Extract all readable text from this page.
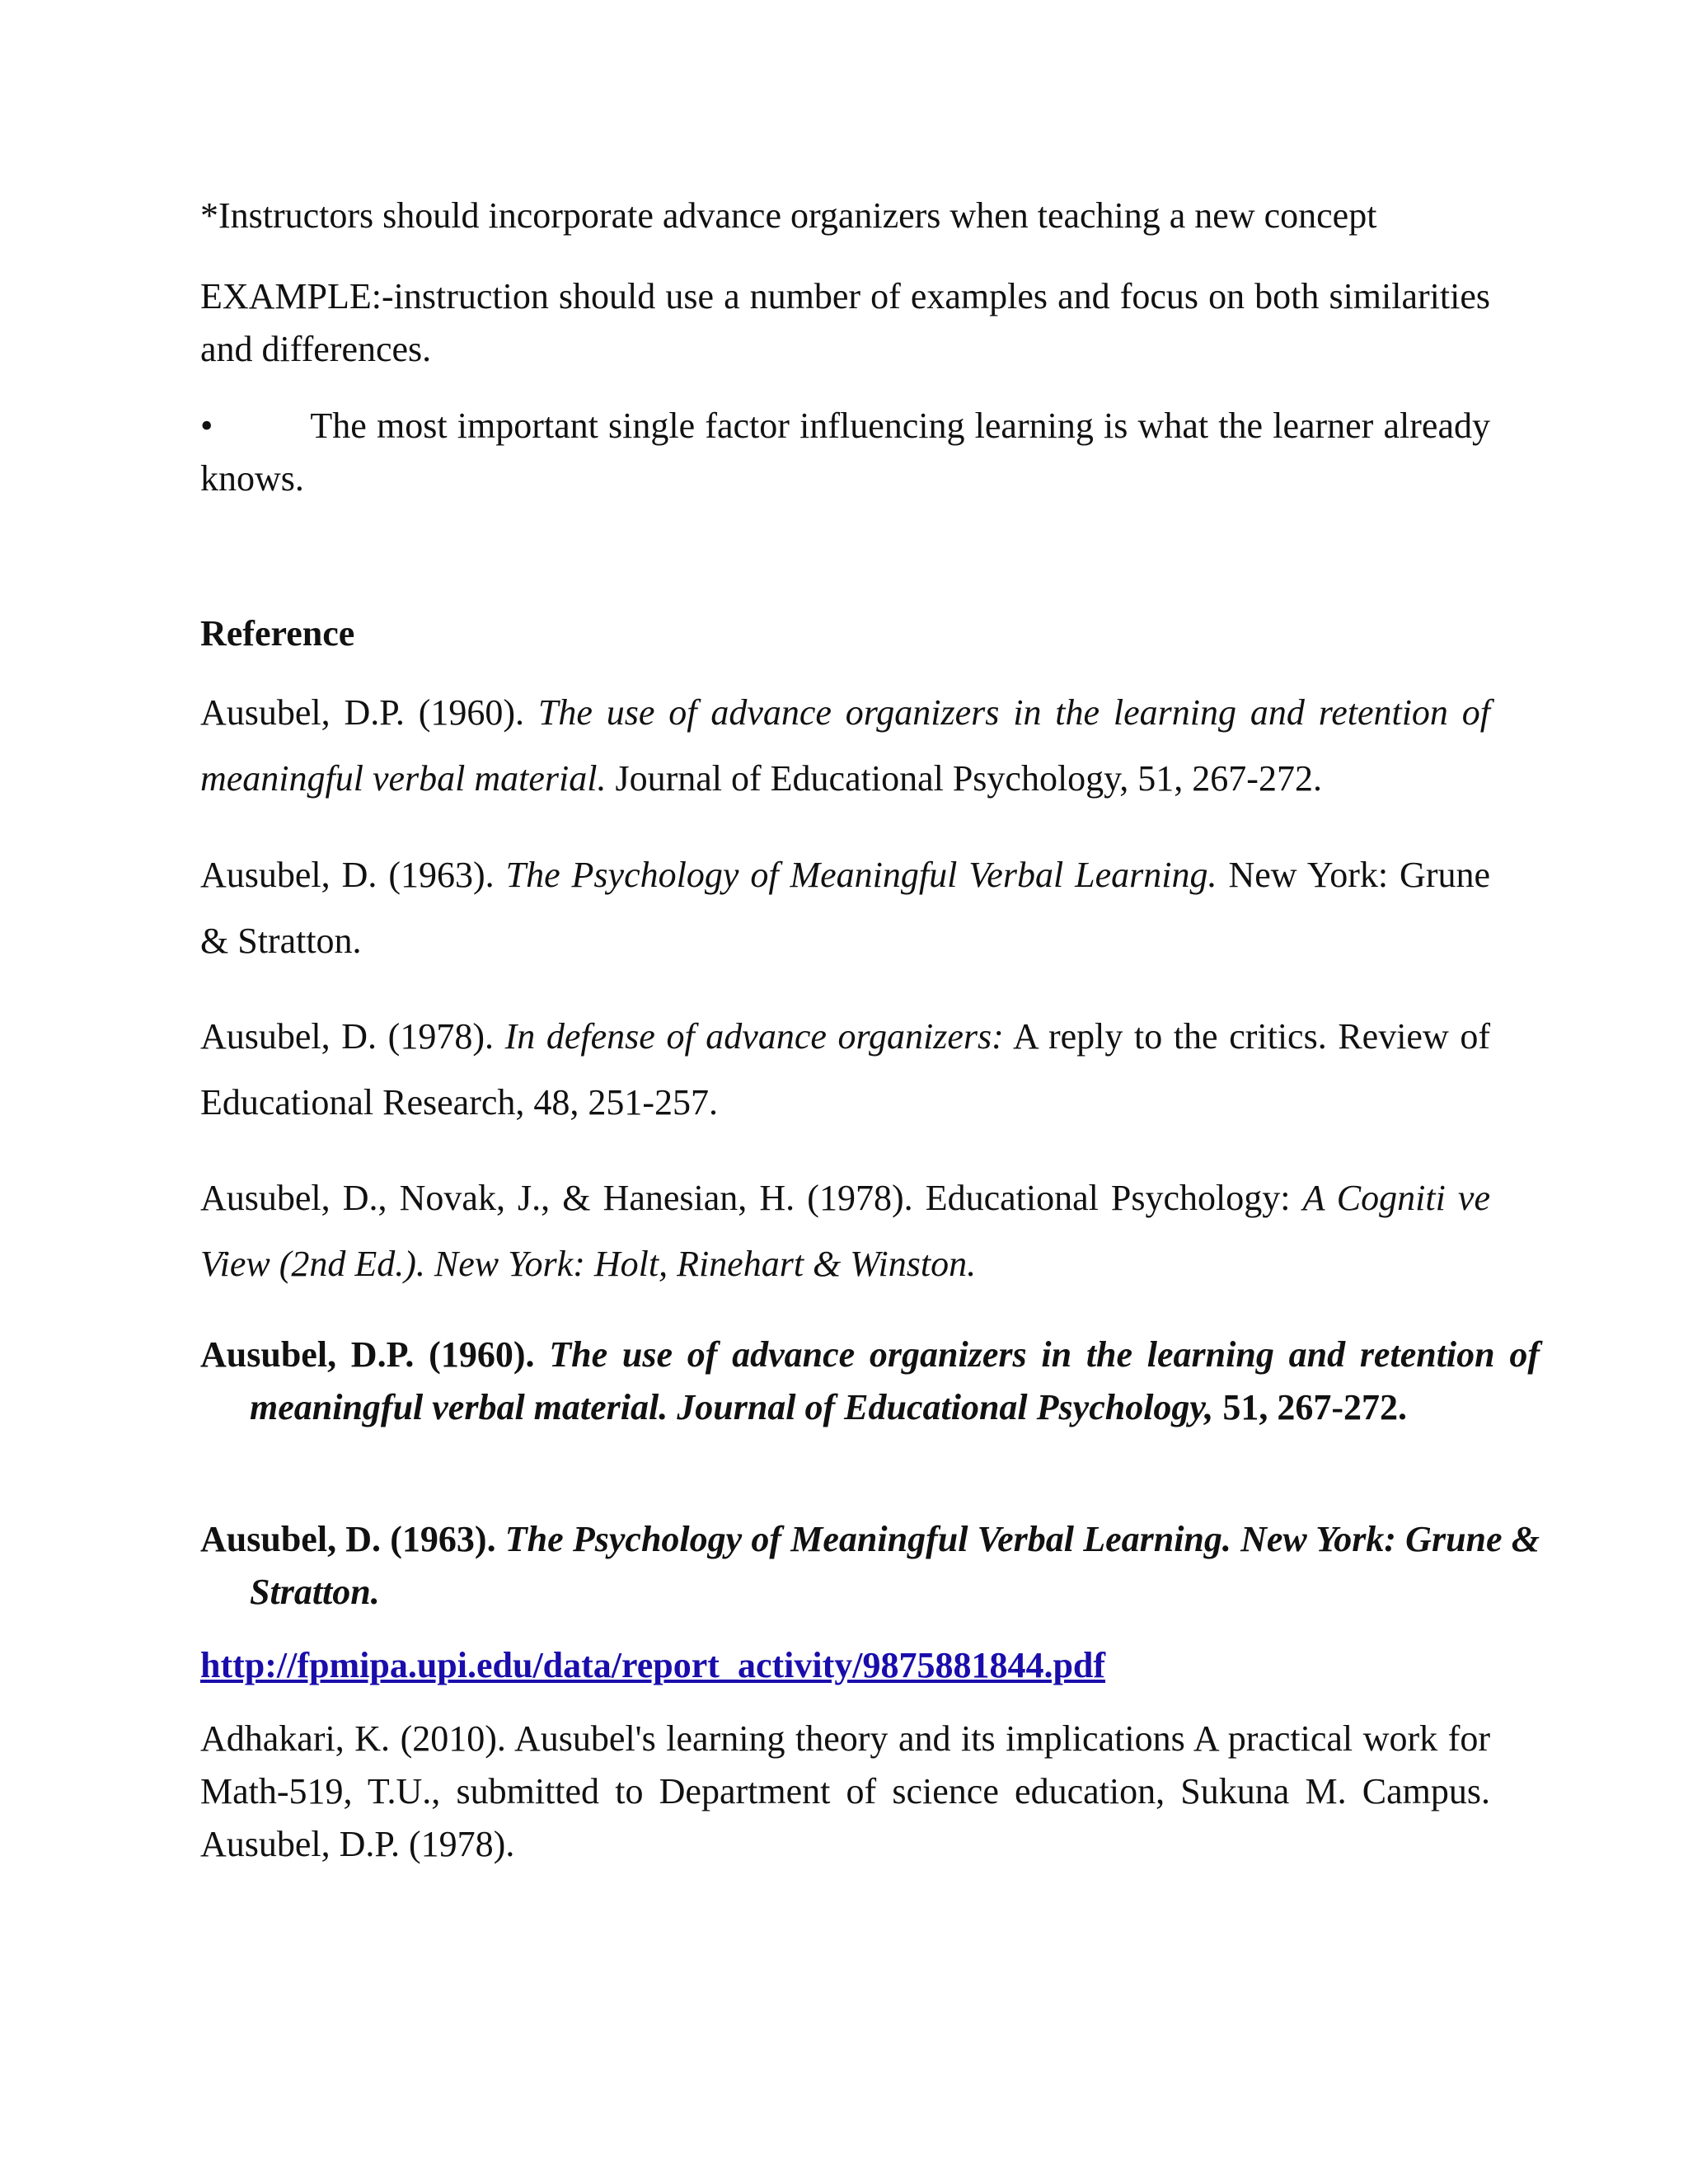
*Instructors should incorporate advance organizers when teaching a new concept

EXAMPLE:-instruction should use a number of examples and focus on both similarities and differences.

•	The most important single factor influencing learning is what the learner already knows.

Reference

Ausubel, D.P. (1960). The use of advance organizers in the learning and retention of meaningful verbal material. Journal of Educational Psychology, 51, 267-272.

Ausubel, D. (1963). The Psychology of Meaningful Verbal Learning. New York: Grune & Stratton.

Ausubel, D. (1978). In defense of advance organizers: A reply to the critics. Review of Educational Research, 48, 251-257.

Ausubel, D., Novak, J., & Hanesian, H. (1978). Educational Psychology: A Cogniti ve View (2nd Ed.). New York: Holt, Rinehart & Winston.

Ausubel, D.P. (1960). The use of advance organizers in the learning and retention of meaningful verbal material. Journal of Educational Psychology, 51, 267-272.

Ausubel, D. (1963). The Psychology of Meaningful Verbal Learning. New York: Grune & Stratton.

http://fpmipa.upi.edu/data/report_activity/9875881844.pdf

Adhakari, K. (2010). Ausubel's learning theory and its implications A practical work for Math-519, T.U., submitted to Department of science education, Sukuna M. Campus. Ausubel, D.P. (1978).
